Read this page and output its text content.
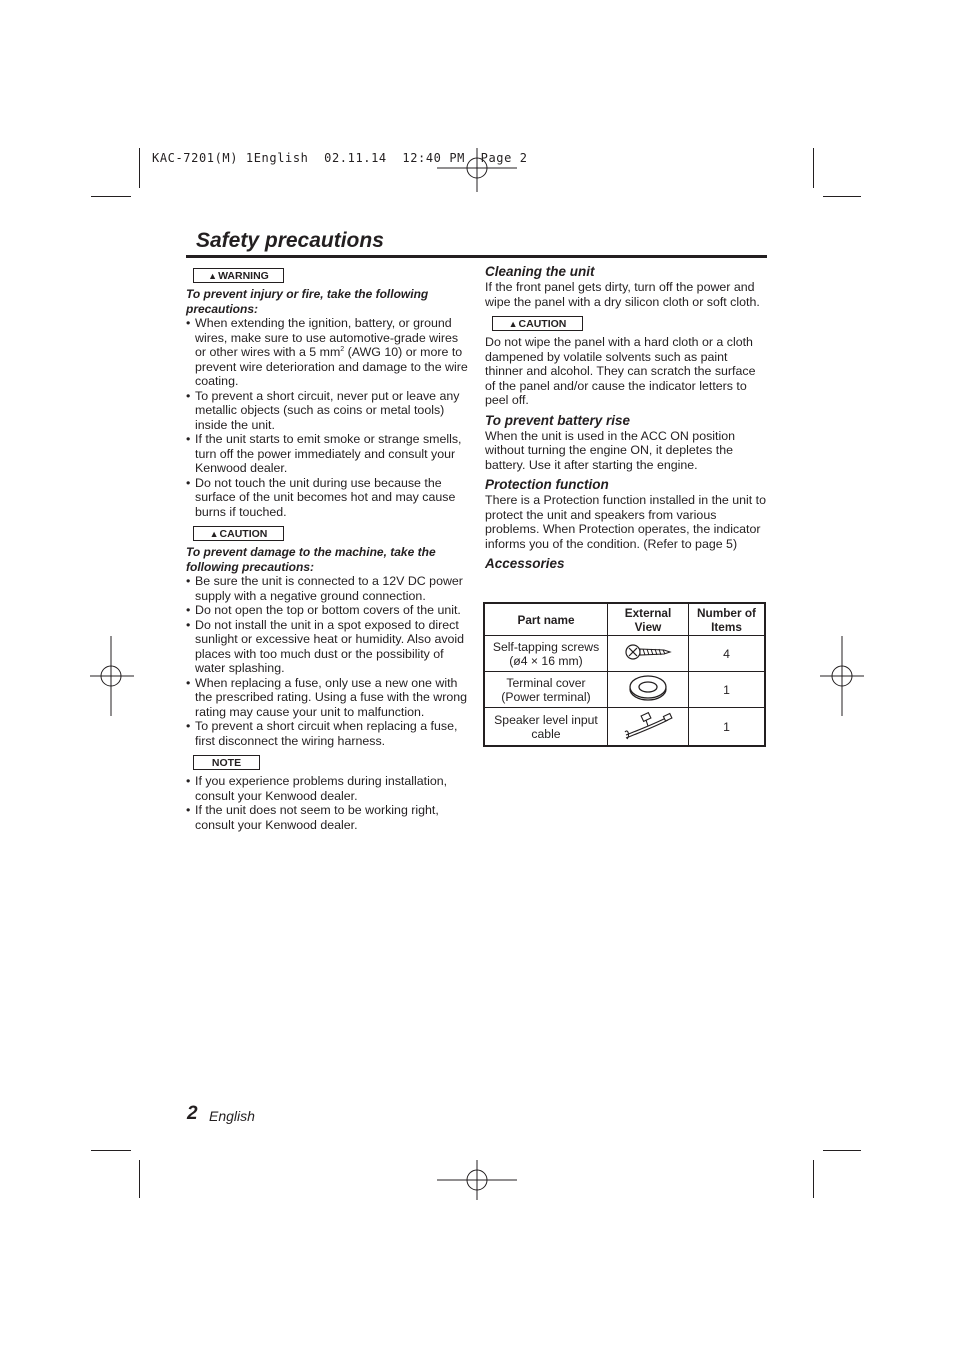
KAC-7201(M) 1English  02.11.14  12:40 PM  Page 2
Safety precautions
▲WARNING

To prevent injury or fire, take the following precautions:

• When extending the ignition, battery, or ground wires, make sure to use automotive-grade wires or other wires with a 5 $mm^2$ (AWG 10) or more to prevent wire deterioration and damage to the wire coating.
• To prevent a short circuit, never put or leave any metallic objects (such as coins or metal tools) inside the unit.
• If the unit starts to emit smoke or strange smells, turn off the power immediately and consult your Kenwood dealer.
• Do not touch the unit during use because the surface of the unit becomes hot and may cause burns if touched.
▲CAUTION

To prevent damage to the machine, take the following precautions:

• Be sure the unit is connected to a 12V DC power supply with a negative ground connection.
• Do not open the top or bottom covers of the unit.
• Do not install the unit in a spot exposed to direct sunlight or excessive heat or humidity. Also avoid places with too much dust or the possibility of water splashing.
• When replacing a fuse, only use a new one with the prescribed rating. Using a fuse with the wrong rating may cause your unit to malfunction.
• To prevent a short circuit when replacing a fuse, first disconnect the wiring harness.
NOTE
• If you experience problems during installation, consult your Kenwood dealer.
• If the unit does not seem to be working right, consult your Kenwood dealer.

Cleaning the unit

If the front panel gets dirty, turn off the power and wipe the panel with a dry silicon cloth or soft cloth.

▲CAUTION

Do not wipe the panel with a hard cloth or a cloth dampened by volatile solvents such as paint thinner and alcohol. They can scratch the surface of the panel and/or cause the indicator letters to peel off.

To prevent battery rise

When the unit is used in the ACC ON position without turning the engine ON, it depletes the battery. Use it after starting the engine.

Protection function

There is a Protection function installed in the unit to protect the unit and speakers from various problems. When Protection operates, the indicator informs you of the condition. (Refer to page 5)

Accessories

Part name	External View	Number of Items
Self-tapping screws (ø4 × 16 mm)		4
Terminal cover (Power terminal)		1
Speaker level input cable		1
2 English
